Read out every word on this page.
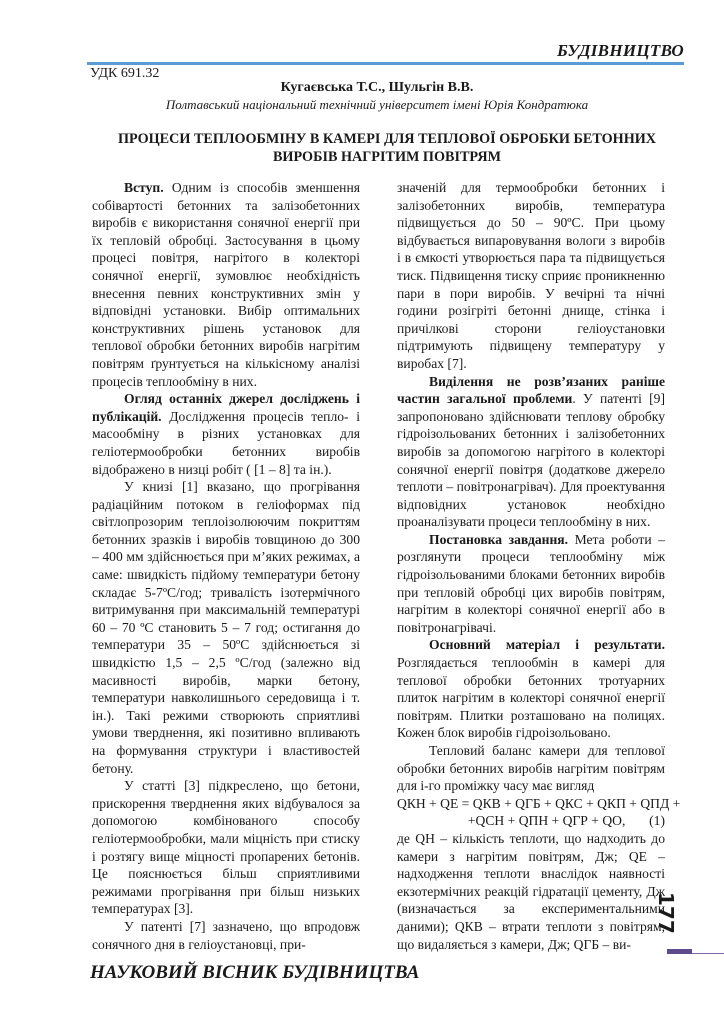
БУДІВНИЦТВО
УДК 691.32
Кугаєвська Т.С., Шульгін В.В.
Полтавський національний технічний університет імені Юрія Кондратюка
ПРОЦЕСИ ТЕПЛООБМІНУ В КАМЕРІ ДЛЯ ТЕПЛОВОЇ ОБРОБКИ БЕТОННИХ
ВИРОБІВ НАГРІТИМ ПОВІТРЯМ

Вступ. Одним із способів зменшення собівартості бетонних та залізобетонних виробів є використання сонячної енергії при їх тепловій обробці. Застосування в цьому процесі повітря, нагрітого в колекторі сонячної енергії, зумовлює необхідність внесення певних конструктивних змін у відповідні установки. Вибір оптимальних конструктивних рішень установок для теплової обробки бетонних виробів нагрітим повітрям ґрунтується на кількісному аналізі процесів теплообміну в них.

Огляд останніх джерел досліджень і публікацій. Дослідження процесів тепло- і масообміну в різних установках для геліотермообробки бетонних виробів відображено в низці робіт ( [1 – 8] та ін.).

У книзі [1] вказано, що прогрівання радіаційним потоком в геліоформах під світлопрозорим теплоізолюючим покриттям бетонних зразків і виробів товщиною до 300 – 400 мм здійснюється при м’яких режимах, а саме: швидкість підйому температури бетону складає 5-7ºС/год; тривалість ізотермічного витримування при максимальній температурі 60 – 70 ºС становить 5 – 7 год; остигання до температури 35 – 50ºС здійснюється зі швидкістю 1,5 – 2,5 ºС/год (залежно від масивності виробів, марки бетону, температури навколишнього середовища і т. ін.). Такі режими створюють сприятливі умови тверднення, які позитивно впливають на формування структури і властивостей бетону.

У статті [3] підкреслено, що бетони, прискорення тверднення яких відбувалося за допомогою комбінованого способу геліотермообробки, мали міцність при стиску і розтягу вище міцності пропарених бетонів. Це пояснюється більш сприятливими режимами прогрівання при більш низьких температурах [3].

У патенті [7] зазначено, що впродовж сонячного дня в геліоустановці, при-

значеній для термообробки бетонних і залізобетонних виробів, температура підвищується до 50 – 90ºС. При цьому відбувається випаровування вологи з виробів і в ємкості утворюється пара та підвищується тиск. Підвищення тиску сприяє проникненню пари в пори виробів. У вечірні та нічні години розігріті бетонні днище, стінка і причілкові сторони геліоустановки підтримують підвищену температуру у виробах [7].

Виділення не розв’язаних раніше частин загальної проблеми. У патенті [9] запропоновано здійснювати теплову обробку гідроізольованих бетонних і залізобетонних виробів за допомогою нагрітого в колекторі сонячної енергії повітря (додаткове джерело теплоти – повітронагрівач). Для проектування відповідних установок необхідно проаналізувати процеси теплообміну в них.

Постановка завдання. Мета роботи – розглянути процеси теплообміну між гідроізольованими блоками бетонних виробів при тепловій обробці цих виробів повітрям, нагрітим в колекторі сонячної енергії або в повітронагрівачі.

Основний матеріал і результати. Розглядається теплообмін в камері для теплової обробки бетонних тротуарних плиток нагрітим в колекторі сонячної енергії повітрям. Плитки розташовано на полицях. Кожен блок виробів гідроізольовано.

Тепловий баланс камери для теплової обробки бетонних виробів нагрітим повітрям для і-го проміжку часу має вигляд

QКН + QЕ = QКВ + QГБ + QКС + QКП + QПД +

+QСН + QПН + QГР + QО,       (1)

де QН – кількість теплоти, що надходить до камери з нагрітим повітрям, Дж; QЕ – надходження теплоти внаслідок наявності екзотермічних реакцій гідратації цементу, Дж (визначається за експериментальними даними); QКВ – втрати теплоти з повітрям, що видаляється з камери, Дж; QГБ – ви-

177
НАУКОВИЙ ВІСНИК БУДІВНИЦТВА
